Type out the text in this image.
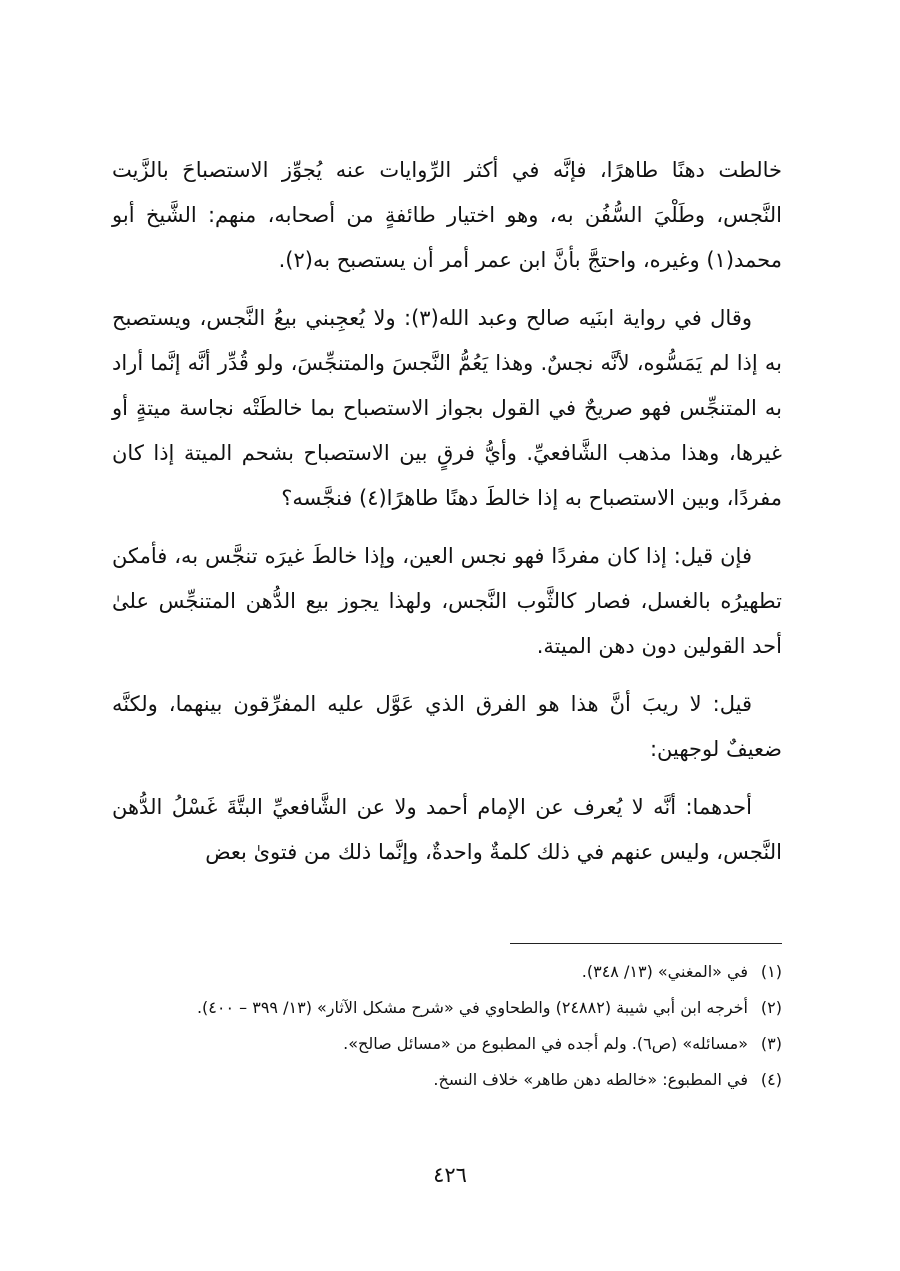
خالطت دهنًا طاهرًا، فإنَّه في أكثر الرِّوايات عنه يُجوِّز الاستصباحَ بالزَّيت النَّجس، وطَلْيَ السُّفُن به، وهو اختيار طائفةٍ من أصحابه، منهم: الشَّيخ أبو محمد(١) وغيره، واحتجَّ بأنَّ ابن عمر أمر أن يستصبح به(٢).

وقال في رواية ابنَيه صالح وعبد الله(٣): ولا يُعجِبني بيعُ النَّجس، ويستصبح به إذا لم يَمَسُّوه، لأنَّه نجسٌ. وهذا يَعُمُّ النَّجسَ والمتنجِّسَ، ولو قُدِّر أنَّه إنَّما أراد به المتنجِّس فهو صريحٌ في القول بجواز الاستصباح بما خالطَتْه نجاسة ميتةٍ أو غيرها، وهذا مذهب الشَّافعيِّ. وأيُّ فرقٍ بين الاستصباح بشحم الميتة إذا كان مفردًا، وبين الاستصباح به إذا خالطَ دهنًا طاهرًا(٤) فنجَّسه؟

فإن قيل: إذا كان مفردًا فهو نجس العين، وإذا خالطَ غيرَه تنجَّس به، فأمكن تطهيرُه بالغسل، فصار كالثَّوب النَّجس، ولهذا يجوز بيع الدُّهن المتنجِّس علىٰ أحد القولين دون دهن الميتة.

قيل: لا ريبَ أنَّ هذا هو الفرق الذي عَوَّل عليه المفرِّقون بينهما، ولكنَّه ضعيفٌ لوجهين:

أحدهما: أنَّه لا يُعرف عن الإمام أحمد ولا عن الشَّافعيِّ البتَّةَ غَسْلُ الدُّهن النَّجس، وليس عنهم في ذلك كلمةٌ واحدةٌ، وإنَّما ذلك من فتوىٰ بعض

(١)
في «المغني» (١٣/ ٣٤٨).
(٢)
أخرجه ابن أبي شيبة (٢٤٨٨٢) والطحاوي في «شرح مشكل الآثار» (١٣/ ٣٩٩ – ٤٠٠).
(٣)
«مسائله» (ص٦). ولم أجده في المطبوع من «مسائل صالح».
(٤)
في المطبوع: «خالطه دهن طاهر» خلاف النسخ.
٤٢٦
